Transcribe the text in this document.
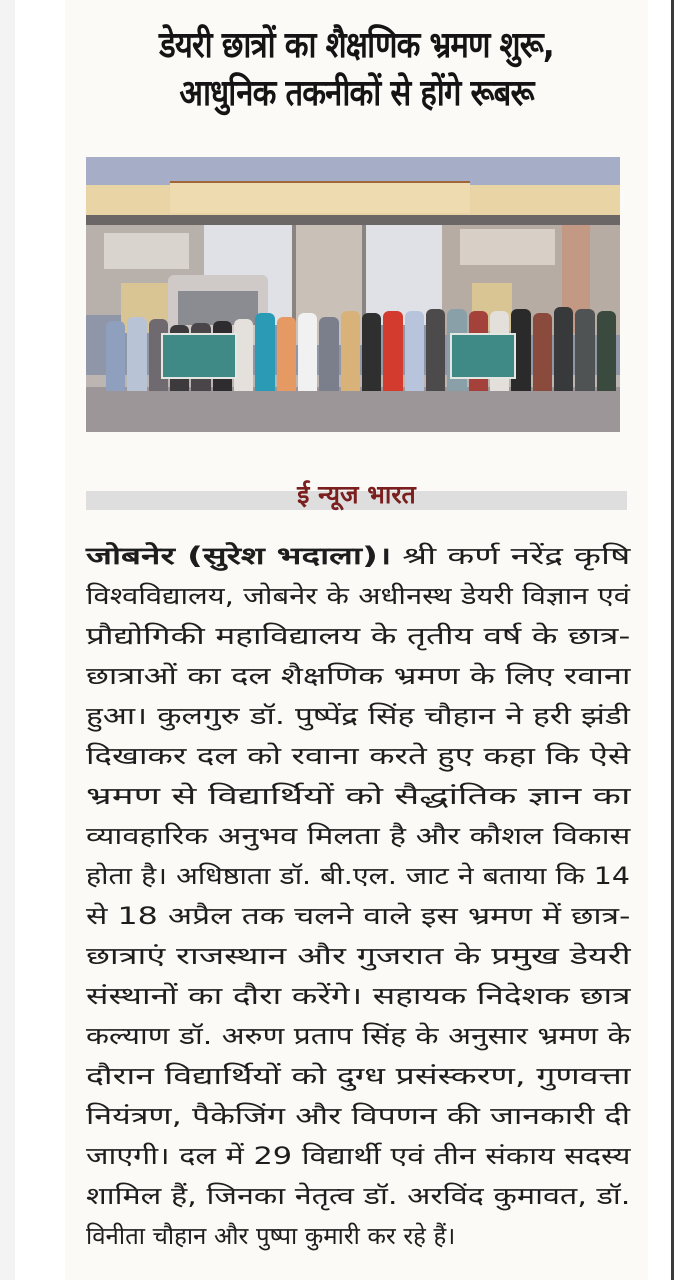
डेयरी छात्रों का शैक्षणिक भ्रमण शुरू,
आधुनिक तकनीकों से होंगे रूबरू
ई न्यूज भारत
जोबनेर (सुरेश भदाला)। श्री कर्ण नरेंद्र कृषि
विश्वविद्यालय, जोबनेर के अधीनस्थ डेयरी विज्ञान एवं
प्रौद्योगिकी महाविद्यालय के तृतीय वर्ष के छात्र-
छात्राओं का दल शैक्षणिक भ्रमण के लिए रवाना
हुआ। कुलगुरु डॉ. पुष्पेंद्र सिंह चौहान ने हरी झंडी
दिखाकर दल को रवाना करते हुए कहा कि ऐसे
भ्रमण से विद्यार्थियों को सैद्धांतिक ज्ञान का
व्यावहारिक अनुभव मिलता है और कौशल विकास
होता है। अधिष्ठाता डॉ. बी.एल. जाट ने बताया कि 14
से 18 अप्रैल तक चलने वाले इस भ्रमण में छात्र-
छात्राएं राजस्थान और गुजरात के प्रमुख डेयरी
संस्थानों का दौरा करेंगे। सहायक निदेशक छात्र
कल्याण डॉ. अरुण प्रताप सिंह के अनुसार भ्रमण के
दौरान विद्यार्थियों को दुग्ध प्रसंस्करण, गुणवत्ता
नियंत्रण, पैकेजिंग और विपणन की जानकारी दी
जाएगी। दल में 29 विद्यार्थी एवं तीन संकाय सदस्य
शामिल हैं, जिनका नेतृत्व डॉ. अरविंद कुमावत, डॉ.
विनीता चौहान और पुष्पा कुमारी कर रहे हैं।
